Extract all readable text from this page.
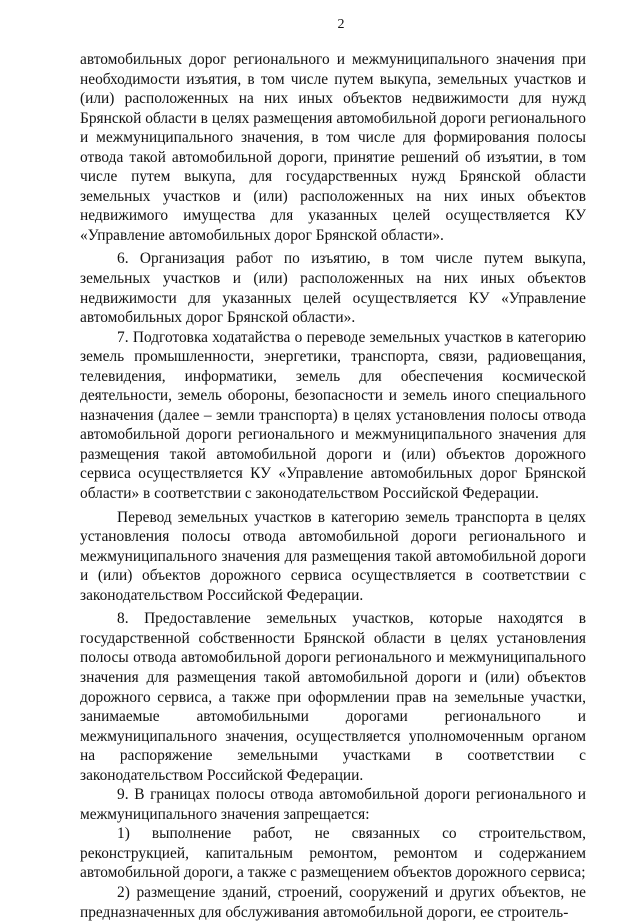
2

автомобильных дорог регионального и межмуниципального значения при необходимости изъятия, в том числе путем выкупа, земельных участков и (или) расположенных на них иных объектов недвижимости для нужд Брянской области в целях размещения автомобильной дороги регионального и межмуниципального значения, в том числе для формирования полосы отвода такой автомобильной дороги, принятие решений об изъятии, в том числе путем выкупа, для государственных нужд Брянской области земельных участков и (или) расположенных на них иных объектов недвижимого имущества для указанных целей осуществляется КУ «Управление автомобильных дорог Брянской области».

6. Организация работ по изъятию, в том числе путем выкупа, земельных участков и (или) расположенных на них иных объектов недвижимости для указанных целей осуществляется КУ «Управление автомобильных дорог Брянской области».

7. Подготовка ходатайства о переводе земельных участков в категорию земель промышленности, энергетики, транспорта, связи, радиовещания, телевидения, информатики, земель для обеспечения космической деятельности, земель обороны, безопасности и земель иного специального назначения (далее – земли транспорта) в целях установления полосы отвода автомобильной дороги регионального и межмуниципального значения для размещения такой автомобильной дороги и (или) объектов дорожного сервиса осуществляется КУ «Управление автомобильных дорог Брянской области» в соответствии с законодательством Российской Федерации.

Перевод земельных участков в категорию земель транспорта в целях установления полосы отвода автомобильной дороги регионального и межмуниципального значения для размещения такой автомобильной дороги и (или) объектов дорожного сервиса осуществляется в соответствии с законодательством Российской Федерации.

8. Предоставление земельных участков, которые находятся в государственной собственности Брянской области в целях установления полосы отвода автомобильной дороги регионального и межмуниципального значения для размещения такой автомобильной дороги и (или) объектов дорожного сервиса, а также при оформлении прав на земельные участки, занимаемые автомобильными дорогами регионального и межмуниципального значения, осуществляется уполномоченным органом на распоряжение земельными участками в соответствии с законодательством Российской Федерации.

9. В границах полосы отвода автомобильной дороги регионального и межмуниципального значения запрещается:

1) выполнение работ, не связанных со строительством, реконструкцией, капитальным ремонтом, ремонтом и содержанием автомобильной дороги, а также с размещением объектов дорожного сервиса;

2) размещение зданий, строений, сооружений и других объектов, не предназначенных для обслуживания автомобильной дороги, ее строитель-
